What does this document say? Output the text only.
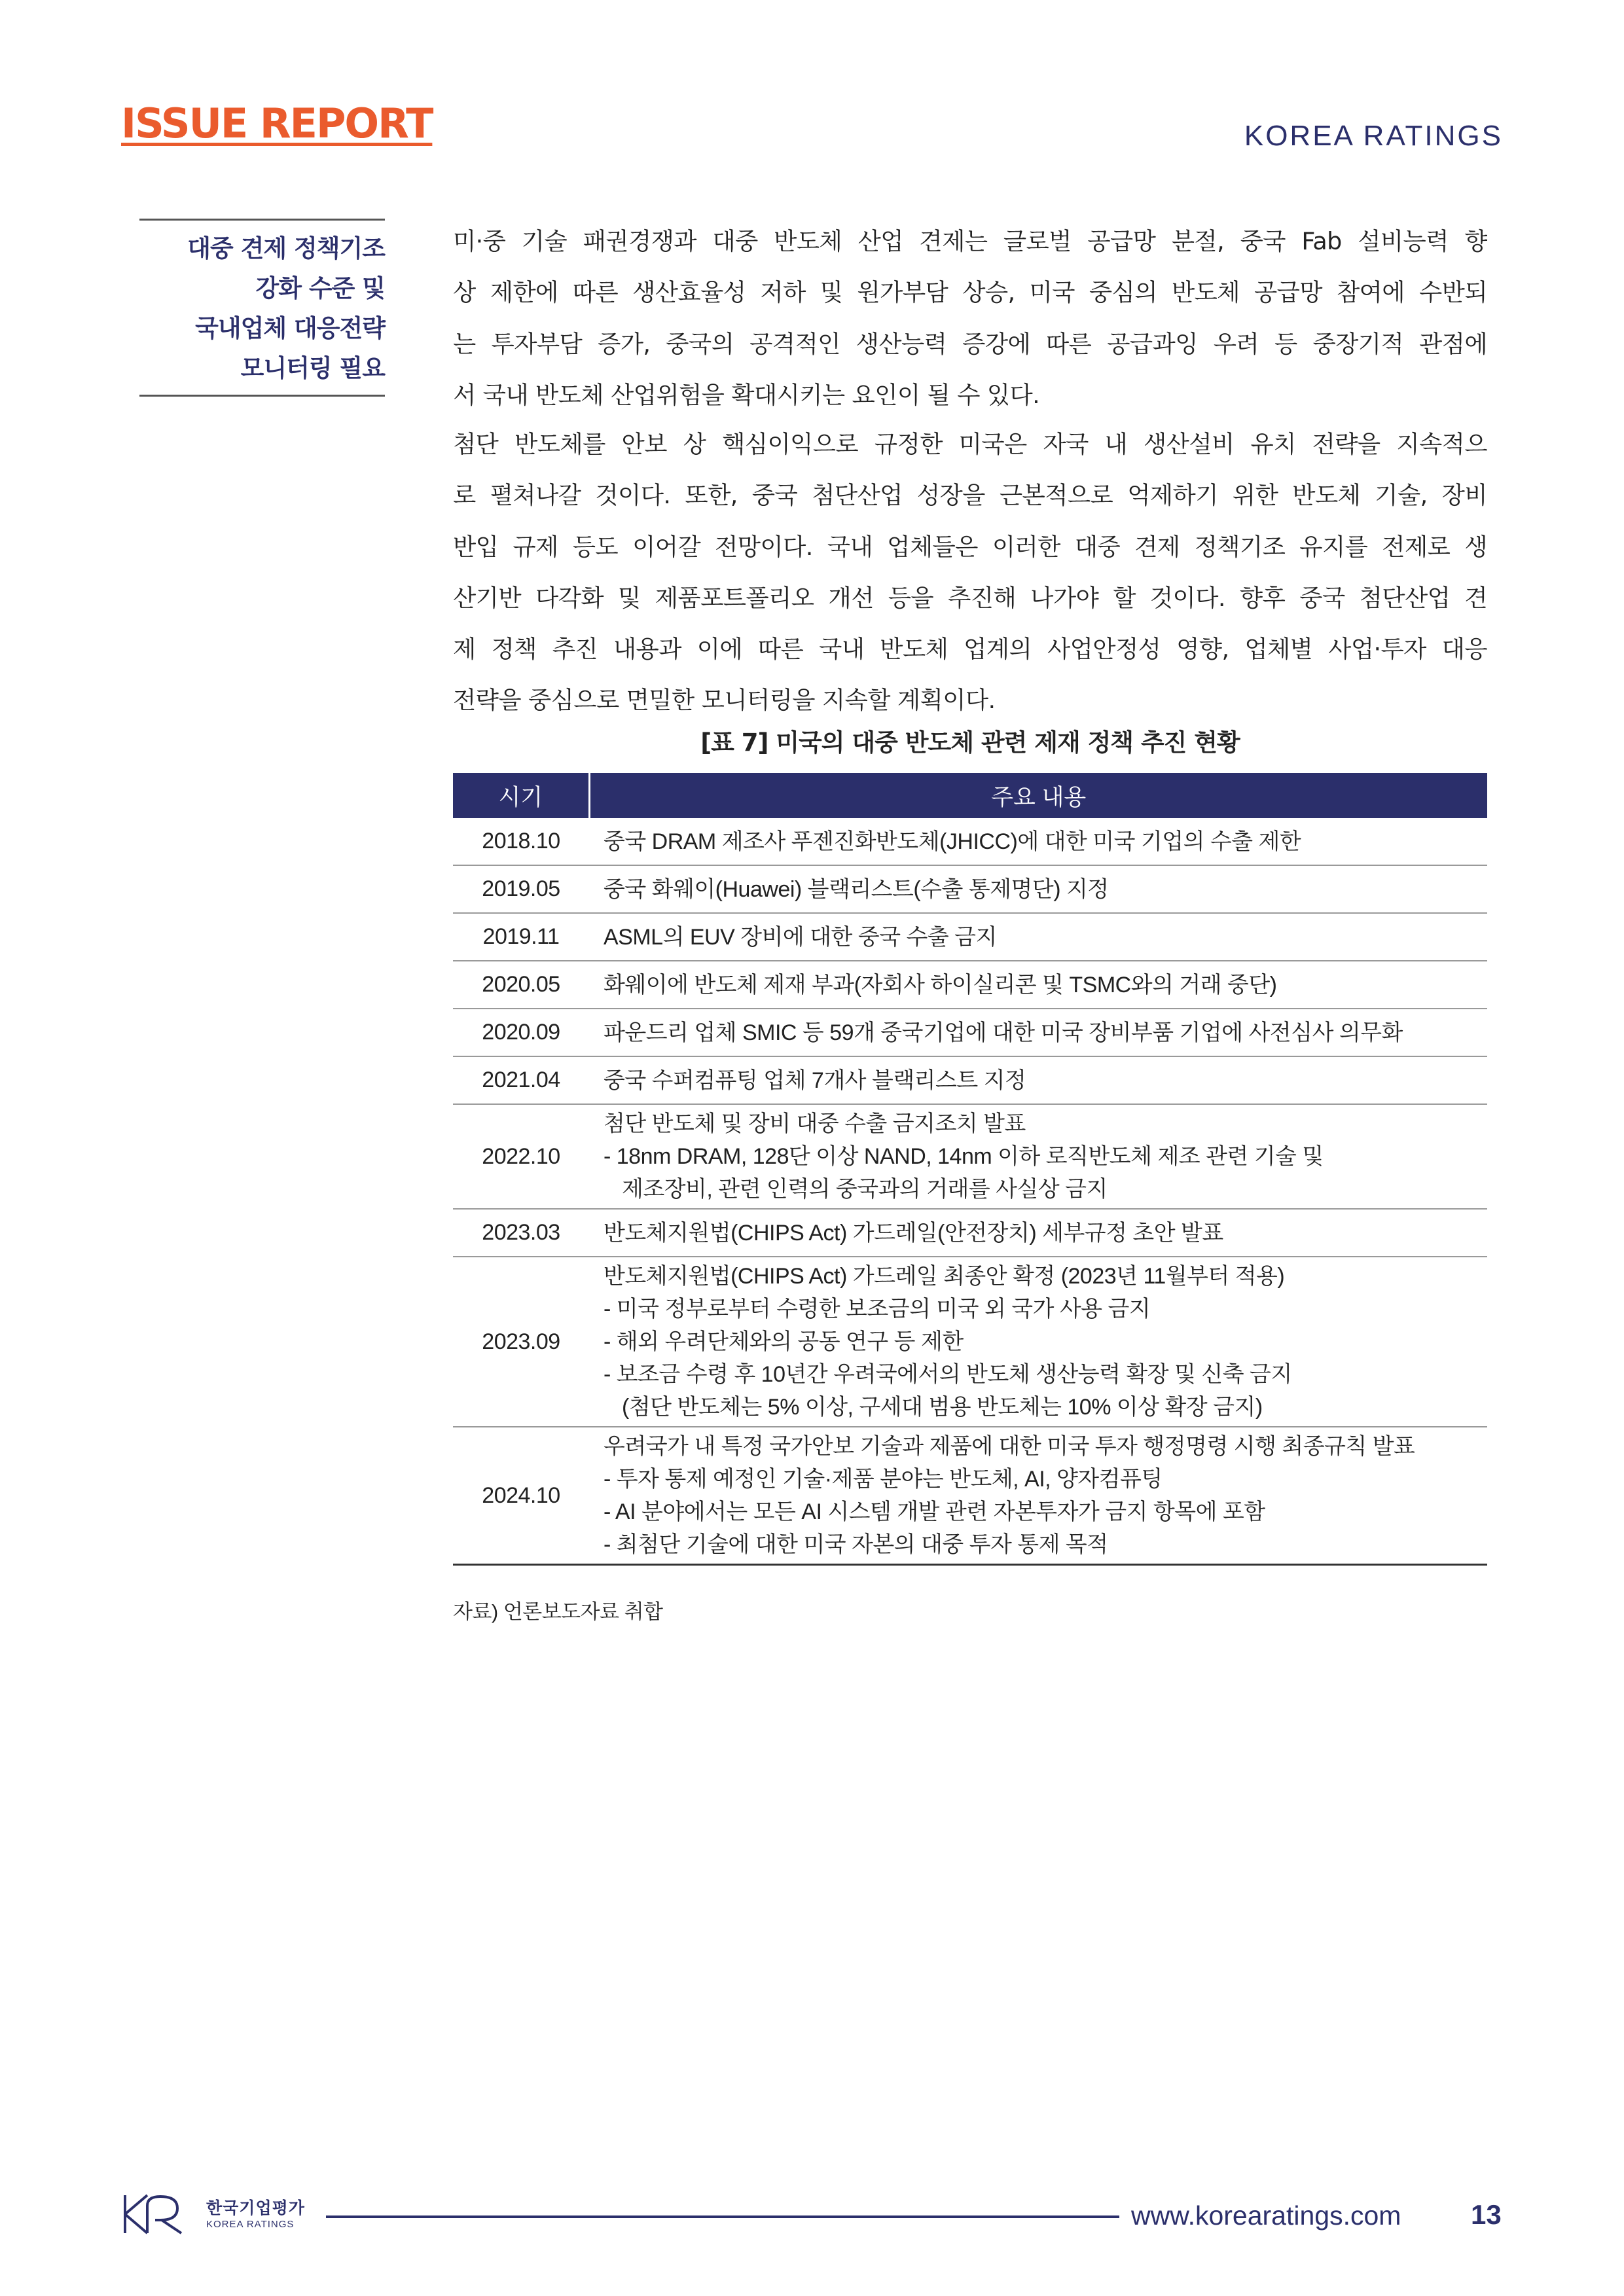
ISSUE REPORT	KOREA RATINGS
대중 견제 정책기조
강화 수준 및
국내업체 대응전략
모니터링 필요
미·중 기술 패권경쟁과 대중 반도체 산업 견제는 글로벌 공급망 분절, 중국 Fab 설비능력 향
상 제한에 따른 생산효율성 저하 및 원가부담 상승, 미국 중심의 반도체 공급망 참여에 수반되
는 투자부담 증가, 중국의 공격적인 생산능력 증강에 따른 공급과잉 우려 등 중장기적 관점에
서 국내 반도체 산업위험을 확대시키는 요인이 될 수 있다.
첨단 반도체를 안보 상 핵심이익으로 규정한 미국은 자국 내 생산설비 유치 전략을 지속적으
로 펼쳐나갈 것이다. 또한, 중국 첨단산업 성장을 근본적으로 억제하기 위한 반도체 기술, 장비
반입 규제 등도 이어갈 전망이다. 국내 업체들은 이러한 대중 견제 정책기조 유지를 전제로 생
산기반 다각화 및 제품포트폴리오 개선 등을 추진해 나가야 할 것이다. 향후 중국 첨단산업 견
제 정책 추진 내용과 이에 따른 국내 반도체 업계의 사업안정성 영향, 업체별 사업·투자 대응
전략을 중심으로 면밀한 모니터링을 지속할 계획이다.
[표 7] 미국의 대중 반도체 관련 제재 정책 추진 현황
시기	주요 내용
2018.10	중국 DRAM 제조사 푸젠진화반도체(JHICC)에 대한 미국 기업의 수출 제한

2019.05	중국 화웨이(Huawei) 블랙리스트(수출 통제명단) 지정

2019.11	ASML의 EUV 장비에 대한 중국 수출 금지

2020.05	화웨이에 반도체 제재 부과(자회사 하이실리콘 및 TSMC와의 거래 중단)

2020.09	파운드리 업체 SMIC 등 59개 중국기업에 대한 미국 장비부품 기업에 사전심사 의무화

2021.04	중국 수퍼컴퓨팅 업체 7개사 블랙리스트 지정

2022.10	첨단 반도체 및 장비 대중 수출 금지조치 발표
- 18nm DRAM, 128단 이상 NAND, 14nm 이하 로직반도체 제조 관련 기술 및
제조장비, 관련 인력의 중국과의 거래를 사실상 금지

2023.03	반도체지원법(CHIPS Act) 가드레일(안전장치) 세부규정 초안 발표

2023.09	반도체지원법(CHIPS Act) 가드레일 최종안 확정 (2023년 11월부터 적용)
- 미국 정부로부터 수령한 보조금의 미국 외 국가 사용 금지
- 해외 우려단체와의 공동 연구 등 제한
- 보조금 수령 후 10년간 우려국에서의 반도체 생산능력 확장 및 신축 금지
(첨단 반도체는 5% 이상, 구세대 범용 반도체는 10% 이상 확장 금지)

2024.10	우려국가 내 특정 국가안보 기술과 제품에 대한 미국 투자 행정명령 시행 최종규칙 발표
- 투자 통제 예정인 기술·제품 분야는 반도체, AI, 양자컴퓨팅
- AI 분야에서는 모든 AI 시스템 개발 관련 자본투자가 금지 항목에 포함
- 최첨단 기술에 대한 미국 자본의 대중 투자 통제 목적
자료) 언론보도자료 취합
한국기업평가
KOREA RATINGS	www.korearatings.com	13
